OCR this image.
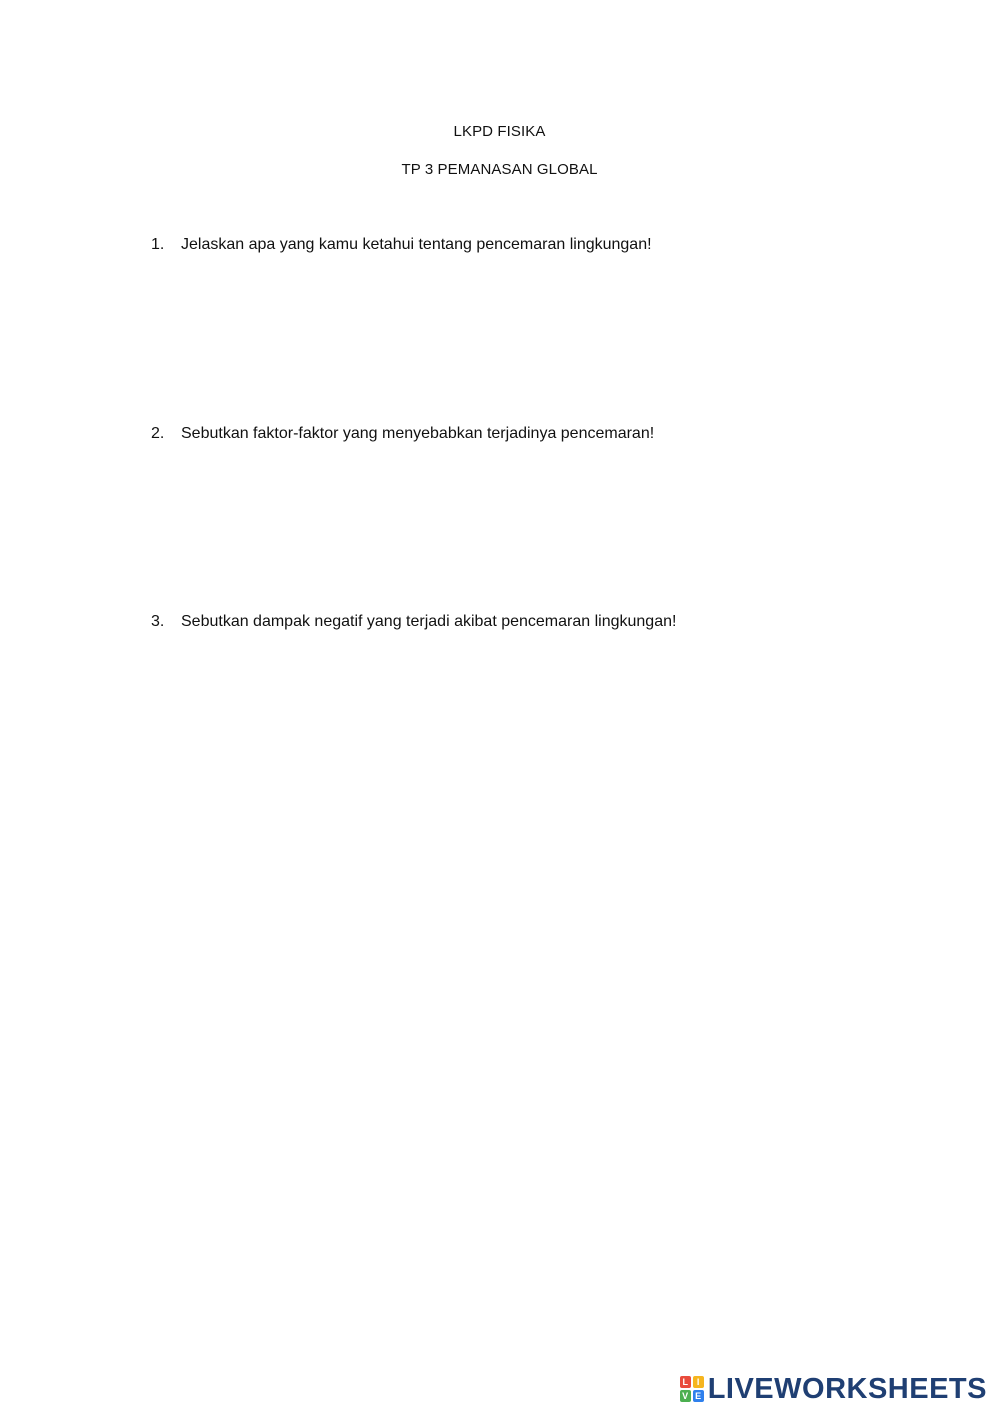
LKPD FISIKA
TP 3 PEMANASAN GLOBAL
1.	Jelaskan apa yang kamu ketahui tentang pencemaran lingkungan!
2.	Sebutkan faktor-faktor yang menyebabkan terjadinya pencemaran!
3.	Sebutkan dampak negatif yang terjadi akibat pencemaran lingkungan!
L I
V E LIVEWORKSHEETS
